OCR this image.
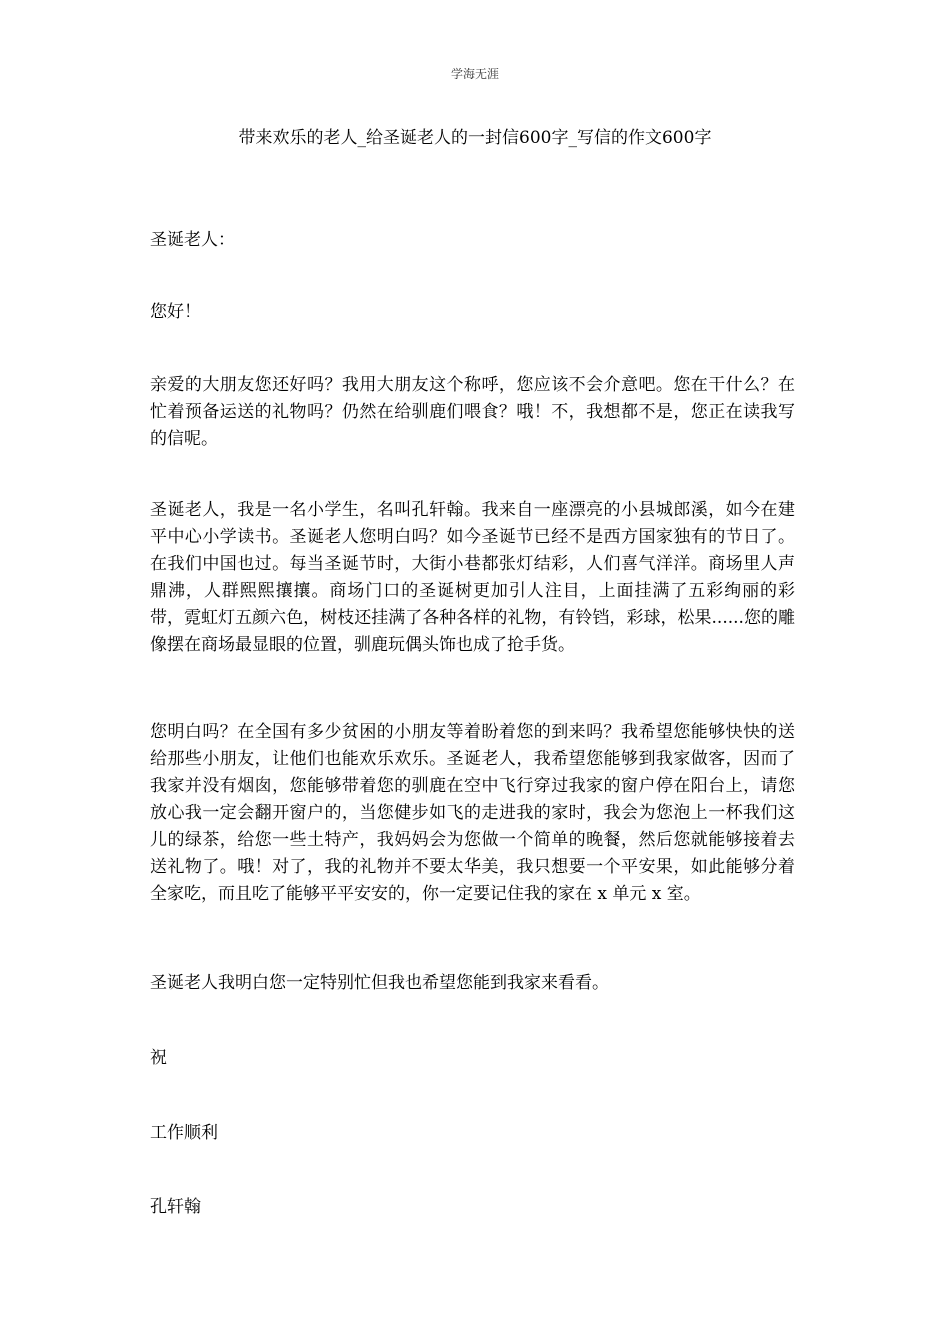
学海无涯
带来欢乐的老人_给圣诞老人的一封信600字_写信的作文600字

圣诞老人：

您好！

亲爱的大朋友您还好吗？我用大朋友这个称呼，您应该不会介意吧。您在干什么？在忙着预备运送的礼物吗？仍然在给驯鹿们喂食？哦！不，我想都不是，您正在读我写的信呢。

圣诞老人，我是一名小学生，名叫孔轩翰。我来自一座漂亮的小县城郎溪，如今在建平中心小学读书。圣诞老人您明白吗？如今圣诞节已经不是西方国家独有的节日了。在我们中国也过。每当圣诞节时，大街小巷都张灯结彩，人们喜气洋洋。商场里人声鼎沸，人群熙熙攘攘。商场门口的圣诞树更加引人注目，上面挂满了五彩绚丽的彩带，霓虹灯五颜六色，树枝还挂满了各种各样的礼物，有铃铛，彩球，松果......您的雕像摆在商场最显眼的位置，驯鹿玩偶头饰也成了抢手货。

您明白吗？在全国有多少贫困的小朋友等着盼着您的到来吗？我希望您能够快快的送给那些小朋友，让他们也能欢乐欢乐。圣诞老人，我希望您能够到我家做客，因而了我家并没有烟囱，您能够带着您的驯鹿在空中飞行穿过我家的窗户停在阳台上，请您放心我一定会翻开窗户的，当您健步如飞的走进我的家时，我会为您泡上一杯我们这儿的绿茶，给您一些土特产，我妈妈会为您做一个简单的晚餐，然后您就能够接着去送礼物了。哦！对了，我的礼物并不要太华美，我只想要一个平安果，如此能够分着全家吃，而且吃了能够平平安安的，你一定要记住我的家在 x 单元 x 室。

圣诞老人我明白您一定特别忙但我也希望您能到我家来看看。

祝

工作顺利

孔轩翰
